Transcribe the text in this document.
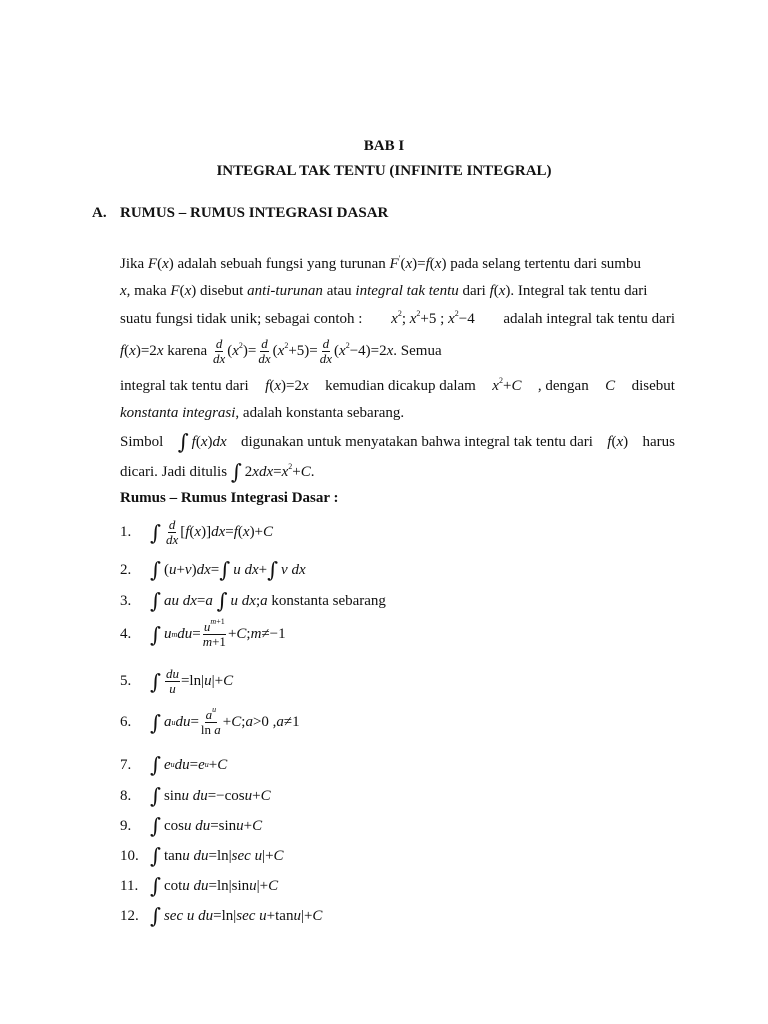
BAB I
INTEGRAL TAK TENTU (INFINITE INTEGRAL)
A. RUMUS – RUMUS INTEGRASI DASAR
Jika F(x) adalah sebuah fungsi yang turunan F′(x)=f(x) pada selang tertentu dari sumbu
x, maka F(x) disebut anti-turunan atau integral tak tentu dari f(x). Integral tak tentu dari
suatu fungsi tidak unik; sebagai contoh : $x^2$; $x^2+5$ ; $x^2-4$ adalah integral tak tentu dari
f(x)=2x karena $\frac{d}{dx} (x^2)= \frac{d}{dx} (x^2+5)= \frac{d}{dx} (x^2-4)=2x$. Semua
integral tak tentu dari f(x)=2x kemudian dicakup dalam $x^2+C$ , dengan C disebut
konstanta integrasi, adalah konstanta sebarang.
Simbol ∫ f(x)dx digunakan untuk menyatakan bahwa integral tak tentu dari f(x) harus
dicari. Jadi ditulis ∫ $2xdx=x^2+C$.
Rumus – Rumus Integrasi Dasar :
1. ∫ $\frac{d}{dx}$ [ f ( x )] dx = f ( x )+ C
2. ∫ ( u + v ) dx = ∫ u dx + ∫ v dx
3. ∫ au dx = a
∫ u dx ; a
konstanta sebarang
4. ∫ u m du = $\frac{u^{m+1}}{m+1} + C$ ; m ≠−1
5. ∫ $\frac{du}{u} =\ln|$ u |+ C
6. ∫ a u du = $\frac{a^u}{\text{ln a}} + C$ ; a >0 , a ≠1
7. ∫ e u du = e u + C
8. ∫ sin u du =−cos u + C
9. ∫ cos u du =sin u + C
10. ∫ tan u du =ln| sec u |+ C
11. ∫ cot u du =ln|sin u |+ C
12. ∫ sec u du =ln| sec u +tan u |+ C
